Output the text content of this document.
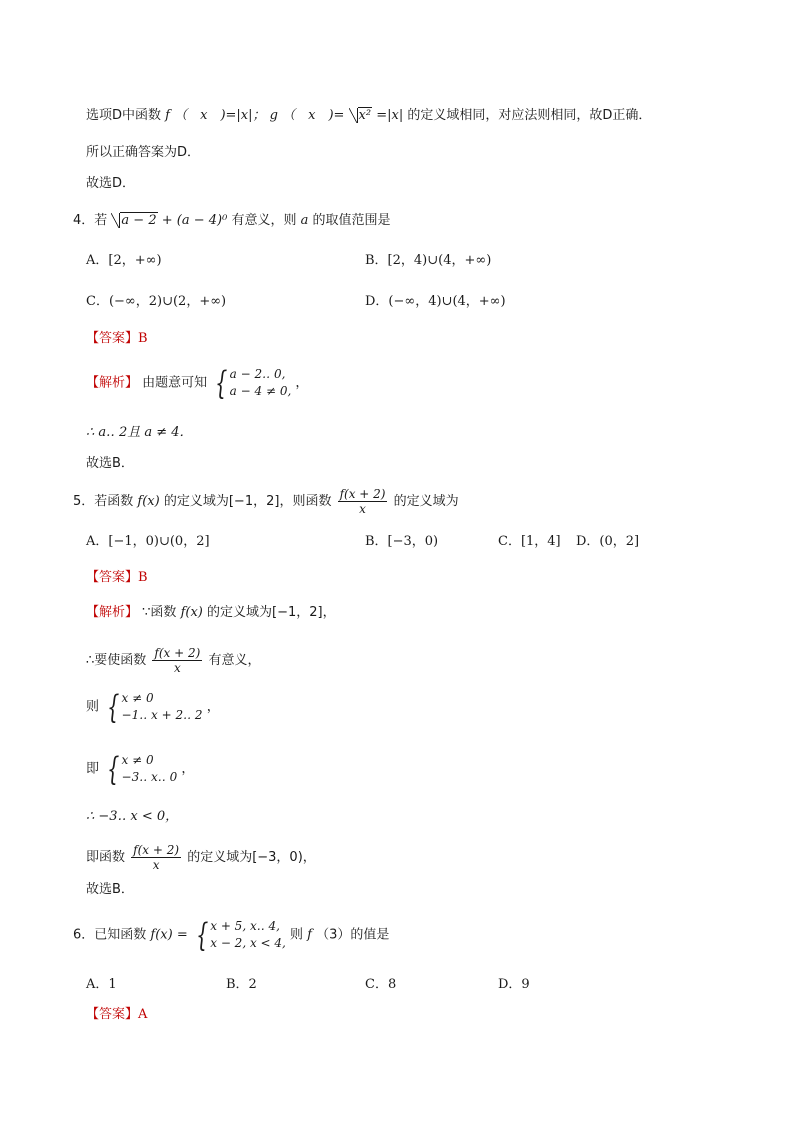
选项D中函数 f （　x　)=|x|； g （　x　)= x² =|x| 的定义域相同，对应法则相同，故D正确．
所以正确答案为D．
故选D．
4．若 a − 2 + (a − 4)⁰ 有意义，则 a 的取值范围是
A．[2，+∞)	B．[2，4)∪(4，+∞)
C．(−∞，2)∪(2，+∞)	D．(−∞，4)∪(4，+∞)
【答案】B
【解析】 由题意可知 { a − 2‥ 0,
a − 4 ≠ 0,
，
∴ a‥ 2且 a ≠ 4．
故选B．
5．若函数 f(x) 的定义域为[−1，2]，则函数 $\frac{f(x + 2)}{x}$ 的定义域为
A．[−1，0)∪(0，2]	B．[−3，0)	C．[1，4] D．(0，2]
【答案】B
【解析】 ∵函数 f(x) 的定义域为[−1，2]，
∴要使函数 $\frac{f(x + 2)}{x}$ 有意义，
则 { x ≠ 0
−1‥ x + 2‥ 2
，
即 { x ≠ 0
−3‥ x‥ 0
，
∴ −3‥ x < 0，
即函数 $\frac{f(x + 2)}{x}$ 的定义域为[−3，0)，
故选B．
6．已知函数 f(x) = { x + 5, x‥ 4,
x − 2, x < 4,
则 f （3）的值是
A．1	B．2	C．8	D．9
【答案】A
